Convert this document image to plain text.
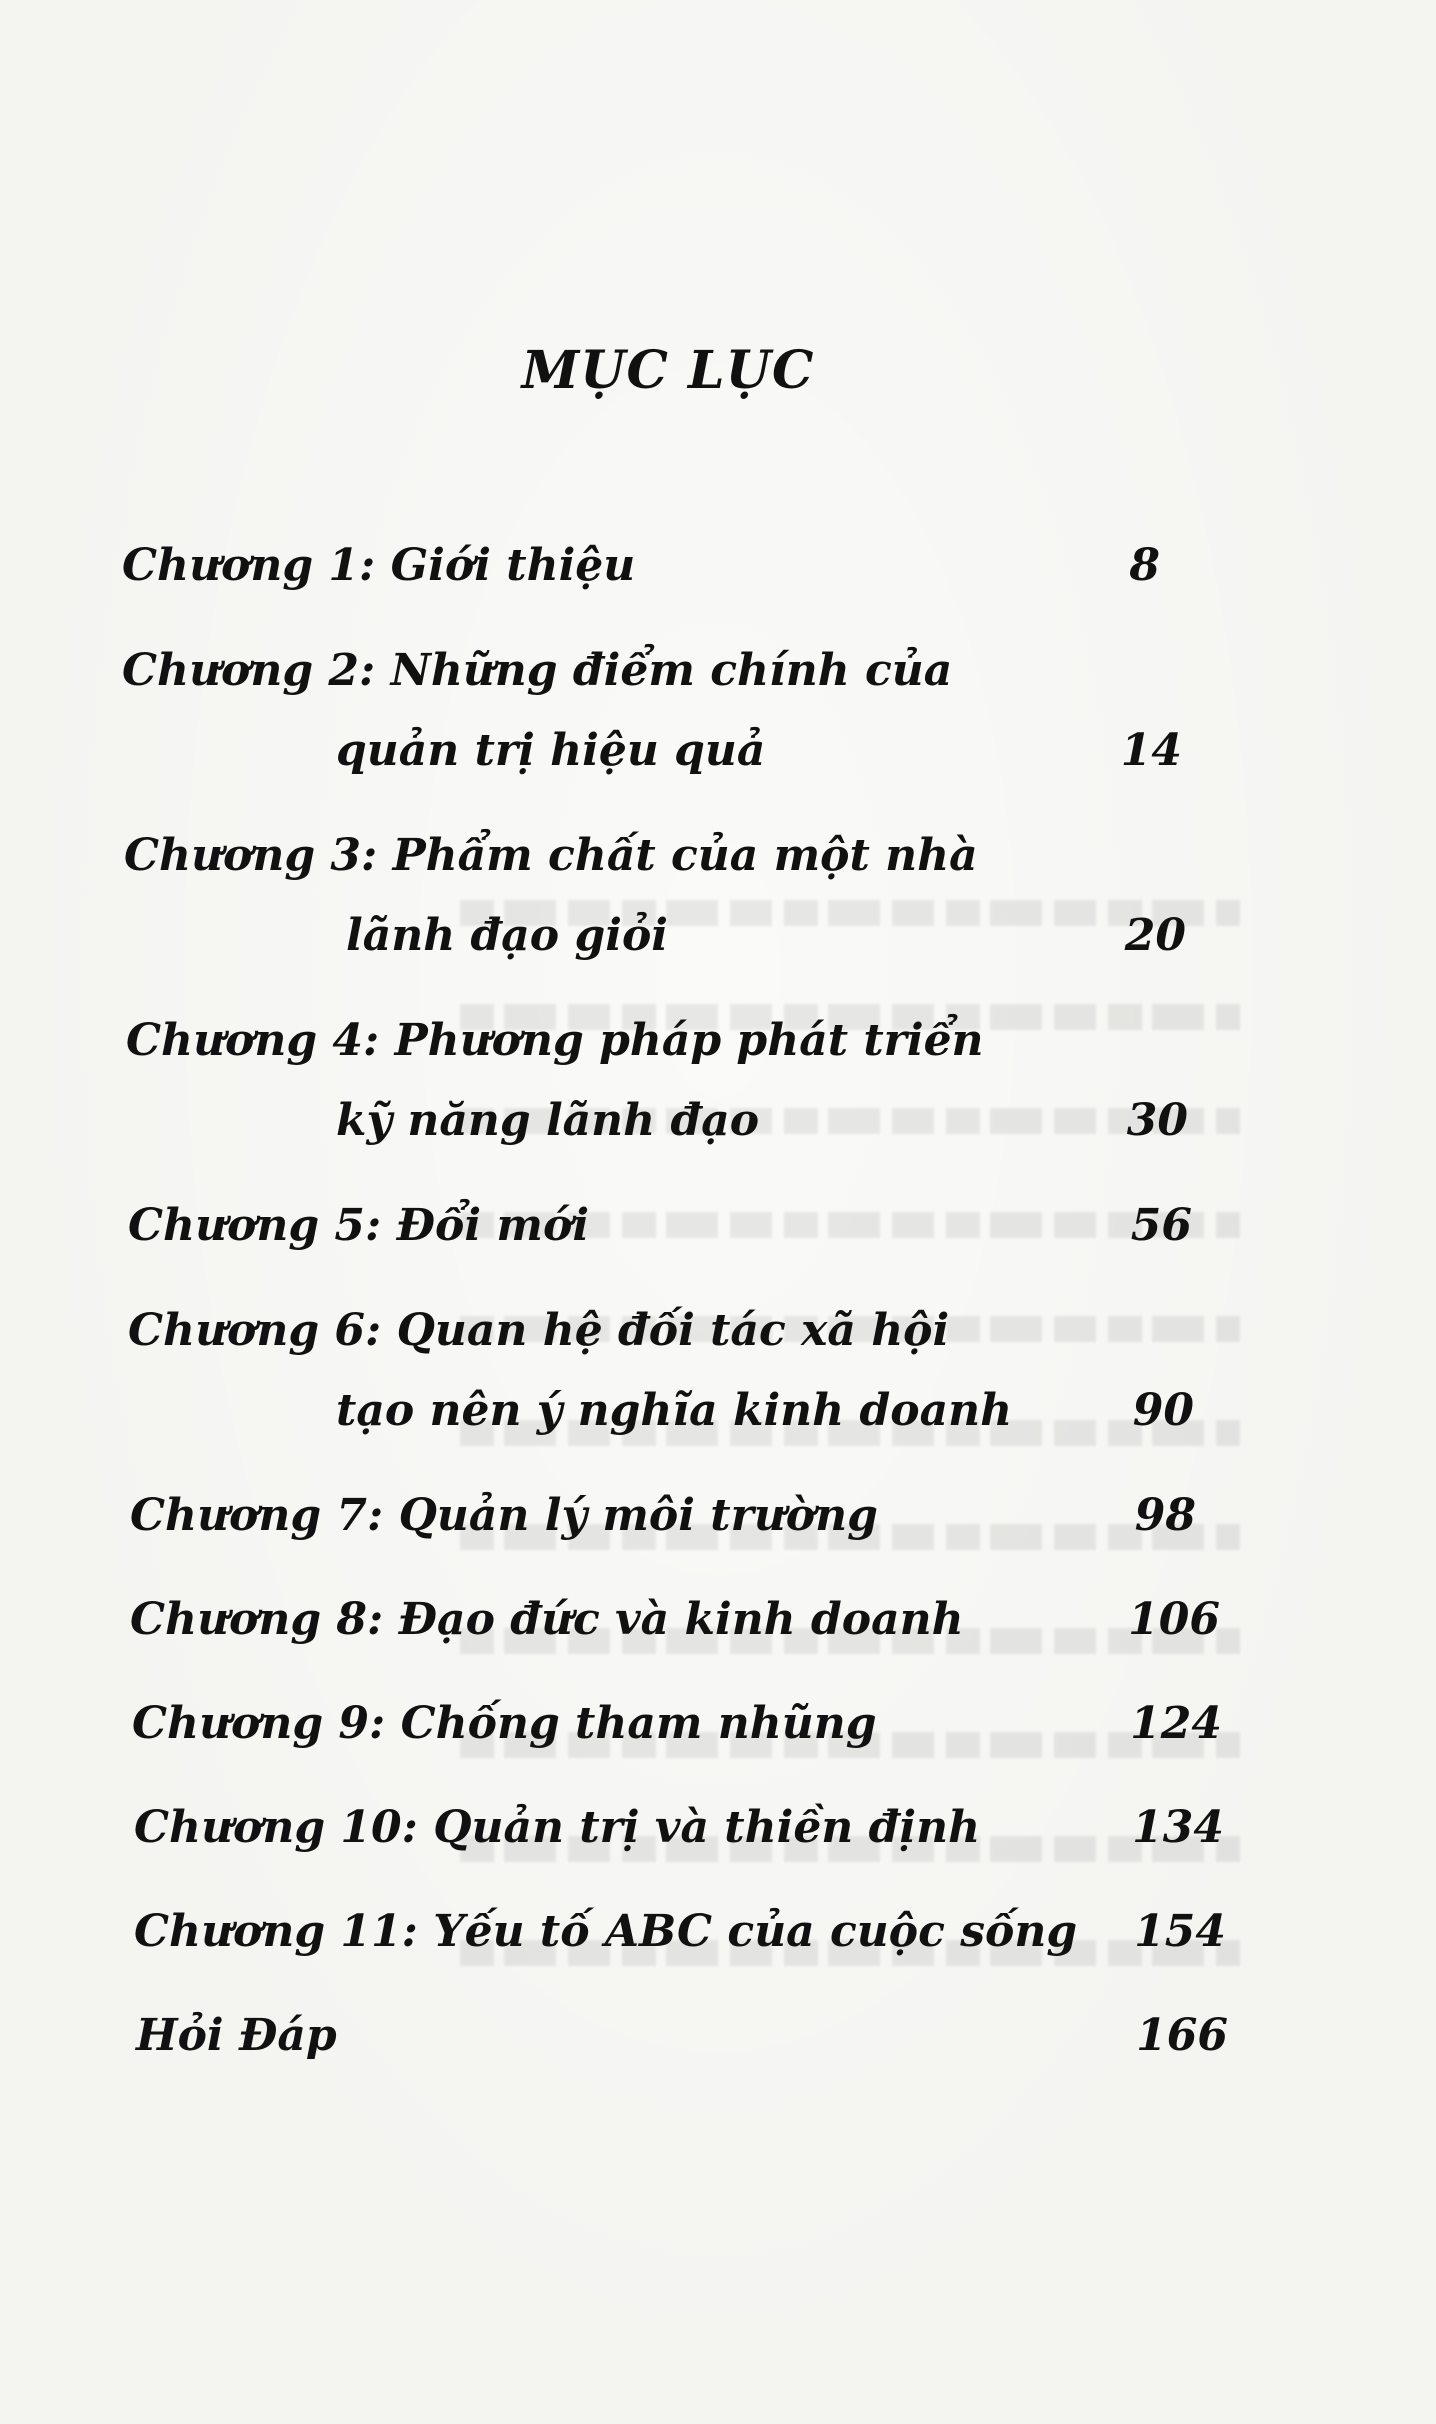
MỤC LỤC
Chương 1: Giới thiệu	8
Chương 2: Những điểm chính của
quản trị hiệu quả	14
Chương 3: Phẩm chất của một nhà
lãnh đạo giỏi	20
Chương 4: Phương pháp phát triển
kỹ năng lãnh đạo	30
Chương 5: Đổi mới	56
Chương 6: Quan hệ đối tác xã hội
tạo nên ý nghĩa kinh doanh	90
Chương 7: Quản lý môi trường	98
Chương 8: Đạo đức và kinh doanh	106
Chương 9: Chống tham nhũng	124
Chương 10: Quản trị và thiền định	134
Chương 11: Yếu tố ABC của cuộc sống	154
Hỏi Đáp	166
